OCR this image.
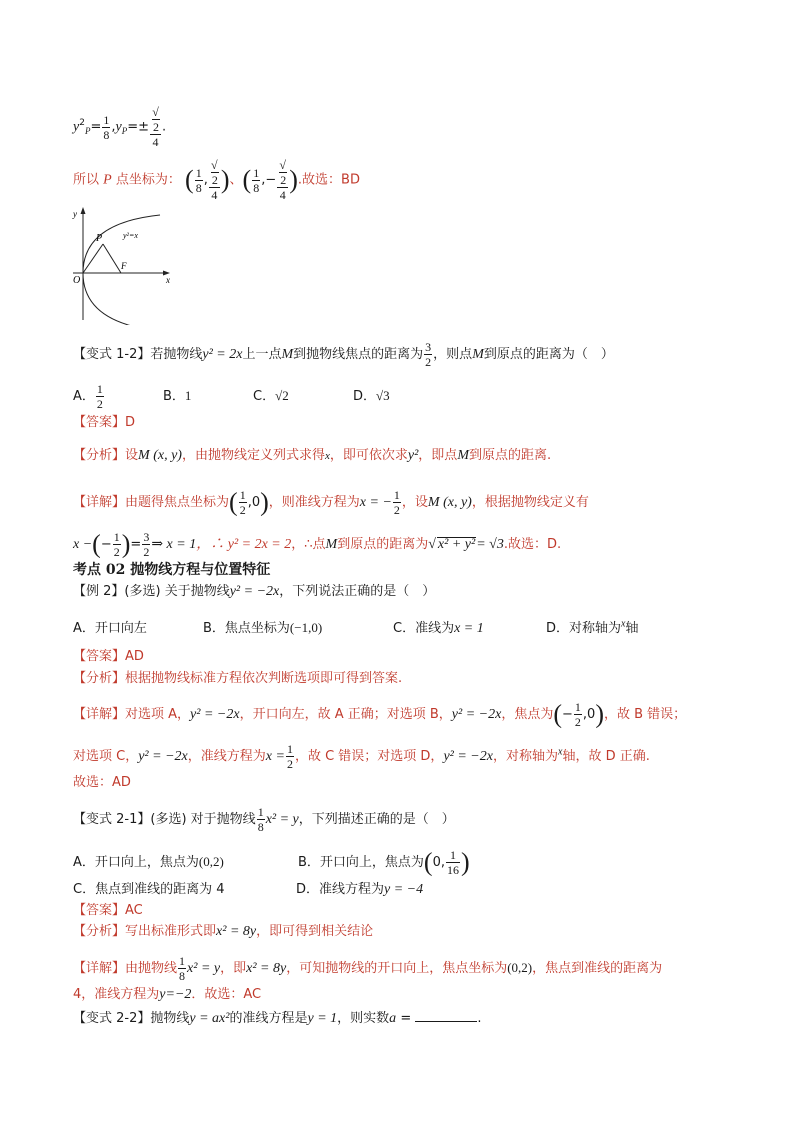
$y^2_P= \frac{1}{8} ,y_P=\pm$ √
2
4 .
所以 P 点坐标为： ( $\frac{1}{8}$ , √
2
4 )、( $\frac{1}{8}$ ,− √
2
4 ).故选：BD
y
x
O
P
F
y²=x
【变式 1-2】若抛物线y² = 2x上一点M到抛物线焦点的距离为 $\frac{3}{2}$ ，则点M到原点的距离为（　）
A． $\frac{1}{2}$	B．1	C．√2	D．√3
【答案】D
【分析】设M (x, y)，由抛物线定义列式求得x，即可依次求y²，即点M到原点的距离.
【详解】由题得焦点坐标为( $\frac{1}{2} ,0$)，则准线方程为x = − $\frac{1}{2}$ ，设M (x, y)，根据抛物线定义有
x −(− $\frac{1}{2}$ )= $\frac{3}{2}$ ⇒ x = 1，∴ y² = 2x = 2，∴点M到原点的距离为√ x² + y²= √3.故选：D.
考点 02 抛物线方程与位置特征
【例 2】(多选) 关于抛物线y² = −2x，下列说法正确的是（　）
A．开口向左	B．焦点坐标为(−1,0)	C．准线为x = 1	D．对称轴为$^x$轴
【答案】AD
【分析】根据抛物线标准方程依次判断选项即可得到答案.
【详解】对选项 A，y² = −2x，开口向左，故 A 正确；对选项 B，y² = −2x，焦点为(− $\frac{1}{2} ,0$)，故 B 错误；
对选项 C，y² = −2x，准线方程为$x = \frac{1}{2}$ ，故 C 错误；对选项 D，y² = −2x，对称轴为$^x$轴，故 D 正确.
故选：AD
【变式 2-1】(多选) 对于抛物线 $\frac{1}{8} x^2 = y$，下列描述正确的是（　）
A．开口向上，焦点为(0,2)	B．开口向上，焦点为(0, $\frac{1}{16}$ )
C．焦点到准线的距离为 4	D．准线方程为y = −4
【答案】AC
【分析】写出标准形式即x² = 8y，即可得到相关结论
【详解】由抛物线 $\frac{1}{8} x^2 = y$，即x² = 8y，可知抛物线的开口向上，焦点坐标为(0,2)，焦点到准线的距离为
4，准线方程为y=−2．故选：AC
【变式 2-2】抛物线y = ax²的准线方程是y = 1，则实数a =	.
